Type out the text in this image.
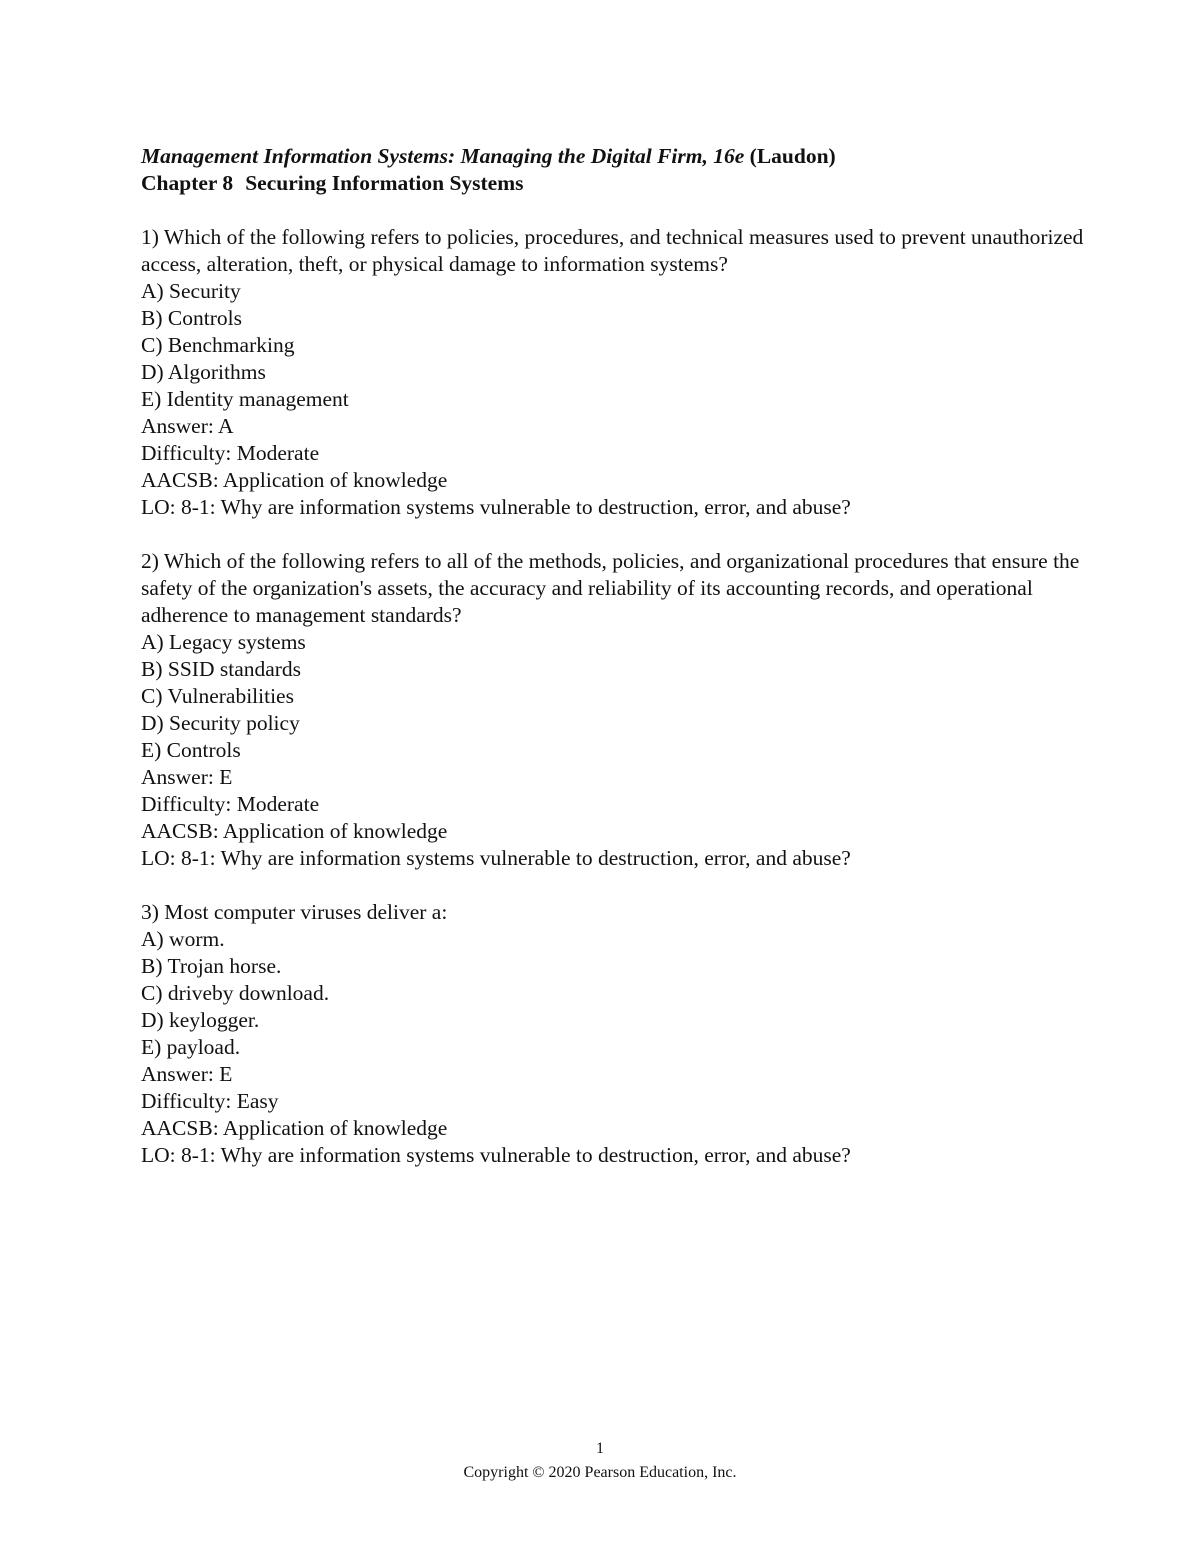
Management Information Systems: Managing the Digital Firm, 16e (Laudon)
Chapter 8 Securing Information Systems
1) Which of the following refers to policies, procedures, and technical measures used to prevent unauthorized access, alteration, theft, or physical damage to information systems?
A) Security
B) Controls
C) Benchmarking
D) Algorithms
E) Identity management
Answer: A
Difficulty: Moderate
AACSB: Application of knowledge
LO: 8-1: Why are information systems vulnerable to destruction, error, and abuse?
2) Which of the following refers to all of the methods, policies, and organizational procedures that ensure the safety of the organization's assets, the accuracy and reliability of its accounting records, and operational adherence to management standards?
A) Legacy systems
B) SSID standards
C) Vulnerabilities
D) Security policy
E) Controls
Answer: E
Difficulty: Moderate
AACSB: Application of knowledge
LO: 8-1: Why are information systems vulnerable to destruction, error, and abuse?
3) Most computer viruses deliver a:
A) worm.
B) Trojan horse.
C) driveby download.
D) keylogger.
E) payload.
Answer: E
Difficulty: Easy
AACSB: Application of knowledge
LO: 8-1: Why are information systems vulnerable to destruction, error, and abuse?
1
Copyright © 2020 Pearson Education, Inc.
